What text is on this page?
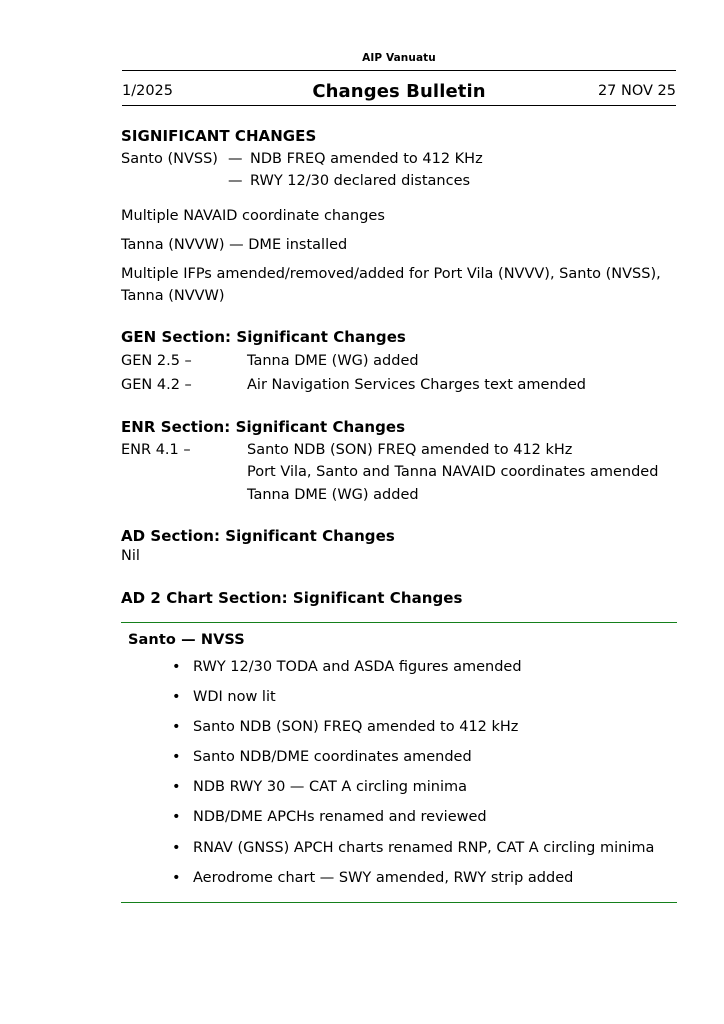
AIP Vanuatu
1/2025	Changes Bulletin	27 NOV 25
SIGNIFICANT CHANGES
Santo (NVSS) — NDB FREQ amended to 412 KHz
— RWY 12/30 declared distances

Multiple NAVAID coordinate changes

Tanna (NVVW) — DME installed

Multiple IFPs amended/removed/added for Port Vila (NVVV), Santo (NVSS), Tanna (NVVW)

GEN Section: Significant Changes
GEN 2.5 –	Tanna DME (WG) added
GEN 4.2 –	Air Navigation Services Charges text amended
ENR Section: Significant Changes
ENR 4.1 –	Santo NDB (SON) FREQ amended to 412 kHz
Port Vila, Santo and Tanna NAVAID coordinates amended
Tanna DME (WG) added
AD Section: Significant Changes

Nil

AD 2 Chart Section: Significant Changes
Santo — NVSS
• RWY 12/30 TODA and ASDA figures amended
• WDI now lit
• Santo NDB (SON) FREQ amended to 412 kHz
• Santo NDB/DME coordinates amended
• NDB RWY 30 — CAT A circling minima
• NDB/DME APCHs renamed and reviewed
• RNAV (GNSS) APCH charts renamed RNP, CAT A circling minima
• Aerodrome chart — SWY amended, RWY strip added
